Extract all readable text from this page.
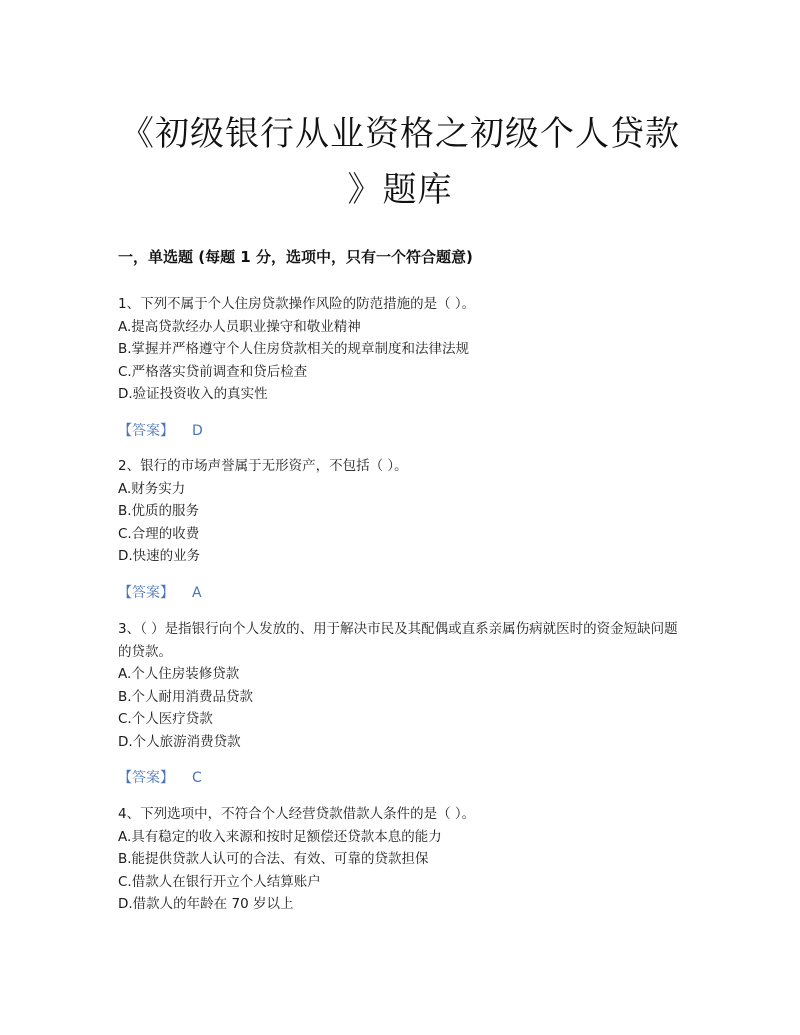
《初级银行从业资格之初级个人贷款
》题库
一，单选题 (每题 1 分，选项中，只有一个符合题意)
1、下列不属于个人住房贷款操作风险的防范措施的是（ ）。
A.提高贷款经办人员职业操守和敬业精神
B.掌握并严格遵守个人住房贷款相关的规章制度和法律法规
C.严格落实贷前调查和贷后检查
D.验证投资收入的真实性
【答案】 D
2、银行的市场声誉属于无形资产，不包括（ ）。
A.财务实力
B.优质的服务
C.合理的收费
D.快速的业务
【答案】 A
3、（ ）是指银行向个人发放的、用于解决市民及其配偶或直系亲属伤病就医时的资金短缺问题的贷款。
A.个人住房装修贷款
B.个人耐用消费品贷款
C.个人医疗贷款
D.个人旅游消费贷款
【答案】 C
4、下列选项中，不符合个人经营贷款借款人条件的是（ ）。
A.具有稳定的收入来源和按时足额偿还贷款本息的能力
B.能提供贷款人认可的合法、有效、可靠的贷款担保
C.借款人在银行开立个人结算账户
D.借款人的年龄在 70 岁以上
